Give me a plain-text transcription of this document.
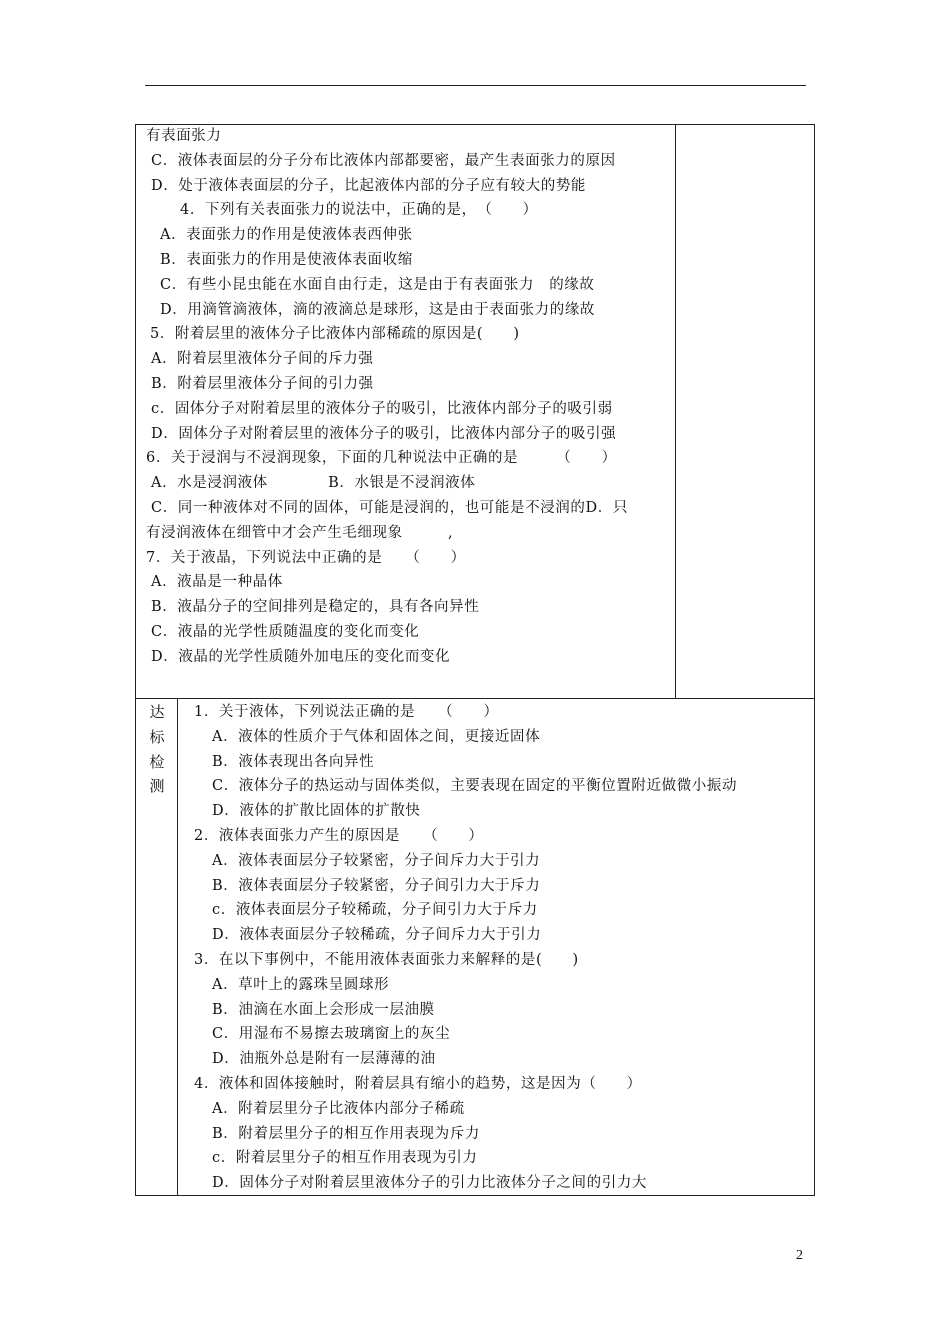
有表面张力
C．液体表面层的分子分布比液体内部都要密，最产生表面张力的原因
D．处于液体表面层的分子，比起液体内部的分子应有较大的势能
4．下列有关表面张力的说法中，正确的是，　（　　）
A．表面张力的作用是使液体表西伸张
B．表面张力的作用是使液体表面收缩
C．有些小昆虫能在水面自由行走，这是由于有表面张力　的缘故
D．用滴管滴液体，滴的液滴总是球形，这是由于表面张力的缘故
5．附着层里的液体分子比液体内部稀疏的原因是(　　)
A．附着层里液体分子间的斥力强
B．附着层里液体分子间的引力强
c．固体分子对附着层里的液体分子的吸引，比液体内部分子的吸引弱
D．固体分子对附着层里的液体分子的吸引，比液体内部分子的吸引强
6．关于浸润与不浸润现象，下面的几种说法中正确的是　　　（　　）
A．水是浸润液体　　　　B．水银是不浸润液体
C．同一种液体对不同的固体，可能是浸润的，也可能是不浸润的D．只
有浸润液体在细管中才会产生毛细现象　　　,
7．关于液晶，下列说法中正确的是　　（　　）
A．液晶是一种晶体
B．液晶分子的空间排列是稳定的，具有各向异性
C．液晶的光学性质随温度的变化而变化
D．液晶的光学性质随外加电压的变化而变化
达
标
检
测
1．关于液体，下列说法正确的是　　（　　）
A．液体的性质介于气体和固体之间，更接近固体
B．液体表现出各向异性
C．液体分子的热运动与固体类似，主要表现在固定的平衡位置附近做微小振动
D．液体的扩散比固体的扩散快
2．液体表面张力产生的原因是　　（　　）
A．液体表面层分子较紧密，分子间斥力大于引力
B．液体表面层分子较紧密，分子间引力大于斥力
c．液体表面层分子较稀疏，分子间引力大于斥力
D．液体表面层分子较稀疏，分子间斥力大于引力
3．在以下事例中，不能用液体表面张力来解释的是(　　)
A．草叶上的露珠呈圆球形
B．油滴在水面上会形成一层油膜
C．用湿布不易擦去玻璃窗上的灰尘
D．油瓶外总是附有一层薄薄的油
4．液体和固体接触时，附着层具有缩小的趋势，这是因为（　　）
A．附着层里分子比液体内部分子稀疏
B．附着层里分子的相互作用表现为斥力
c．附着层里分子的相互作用表现为引力
D．固体分子对附着层里液体分子的引力比液体分子之间的引力大
2
